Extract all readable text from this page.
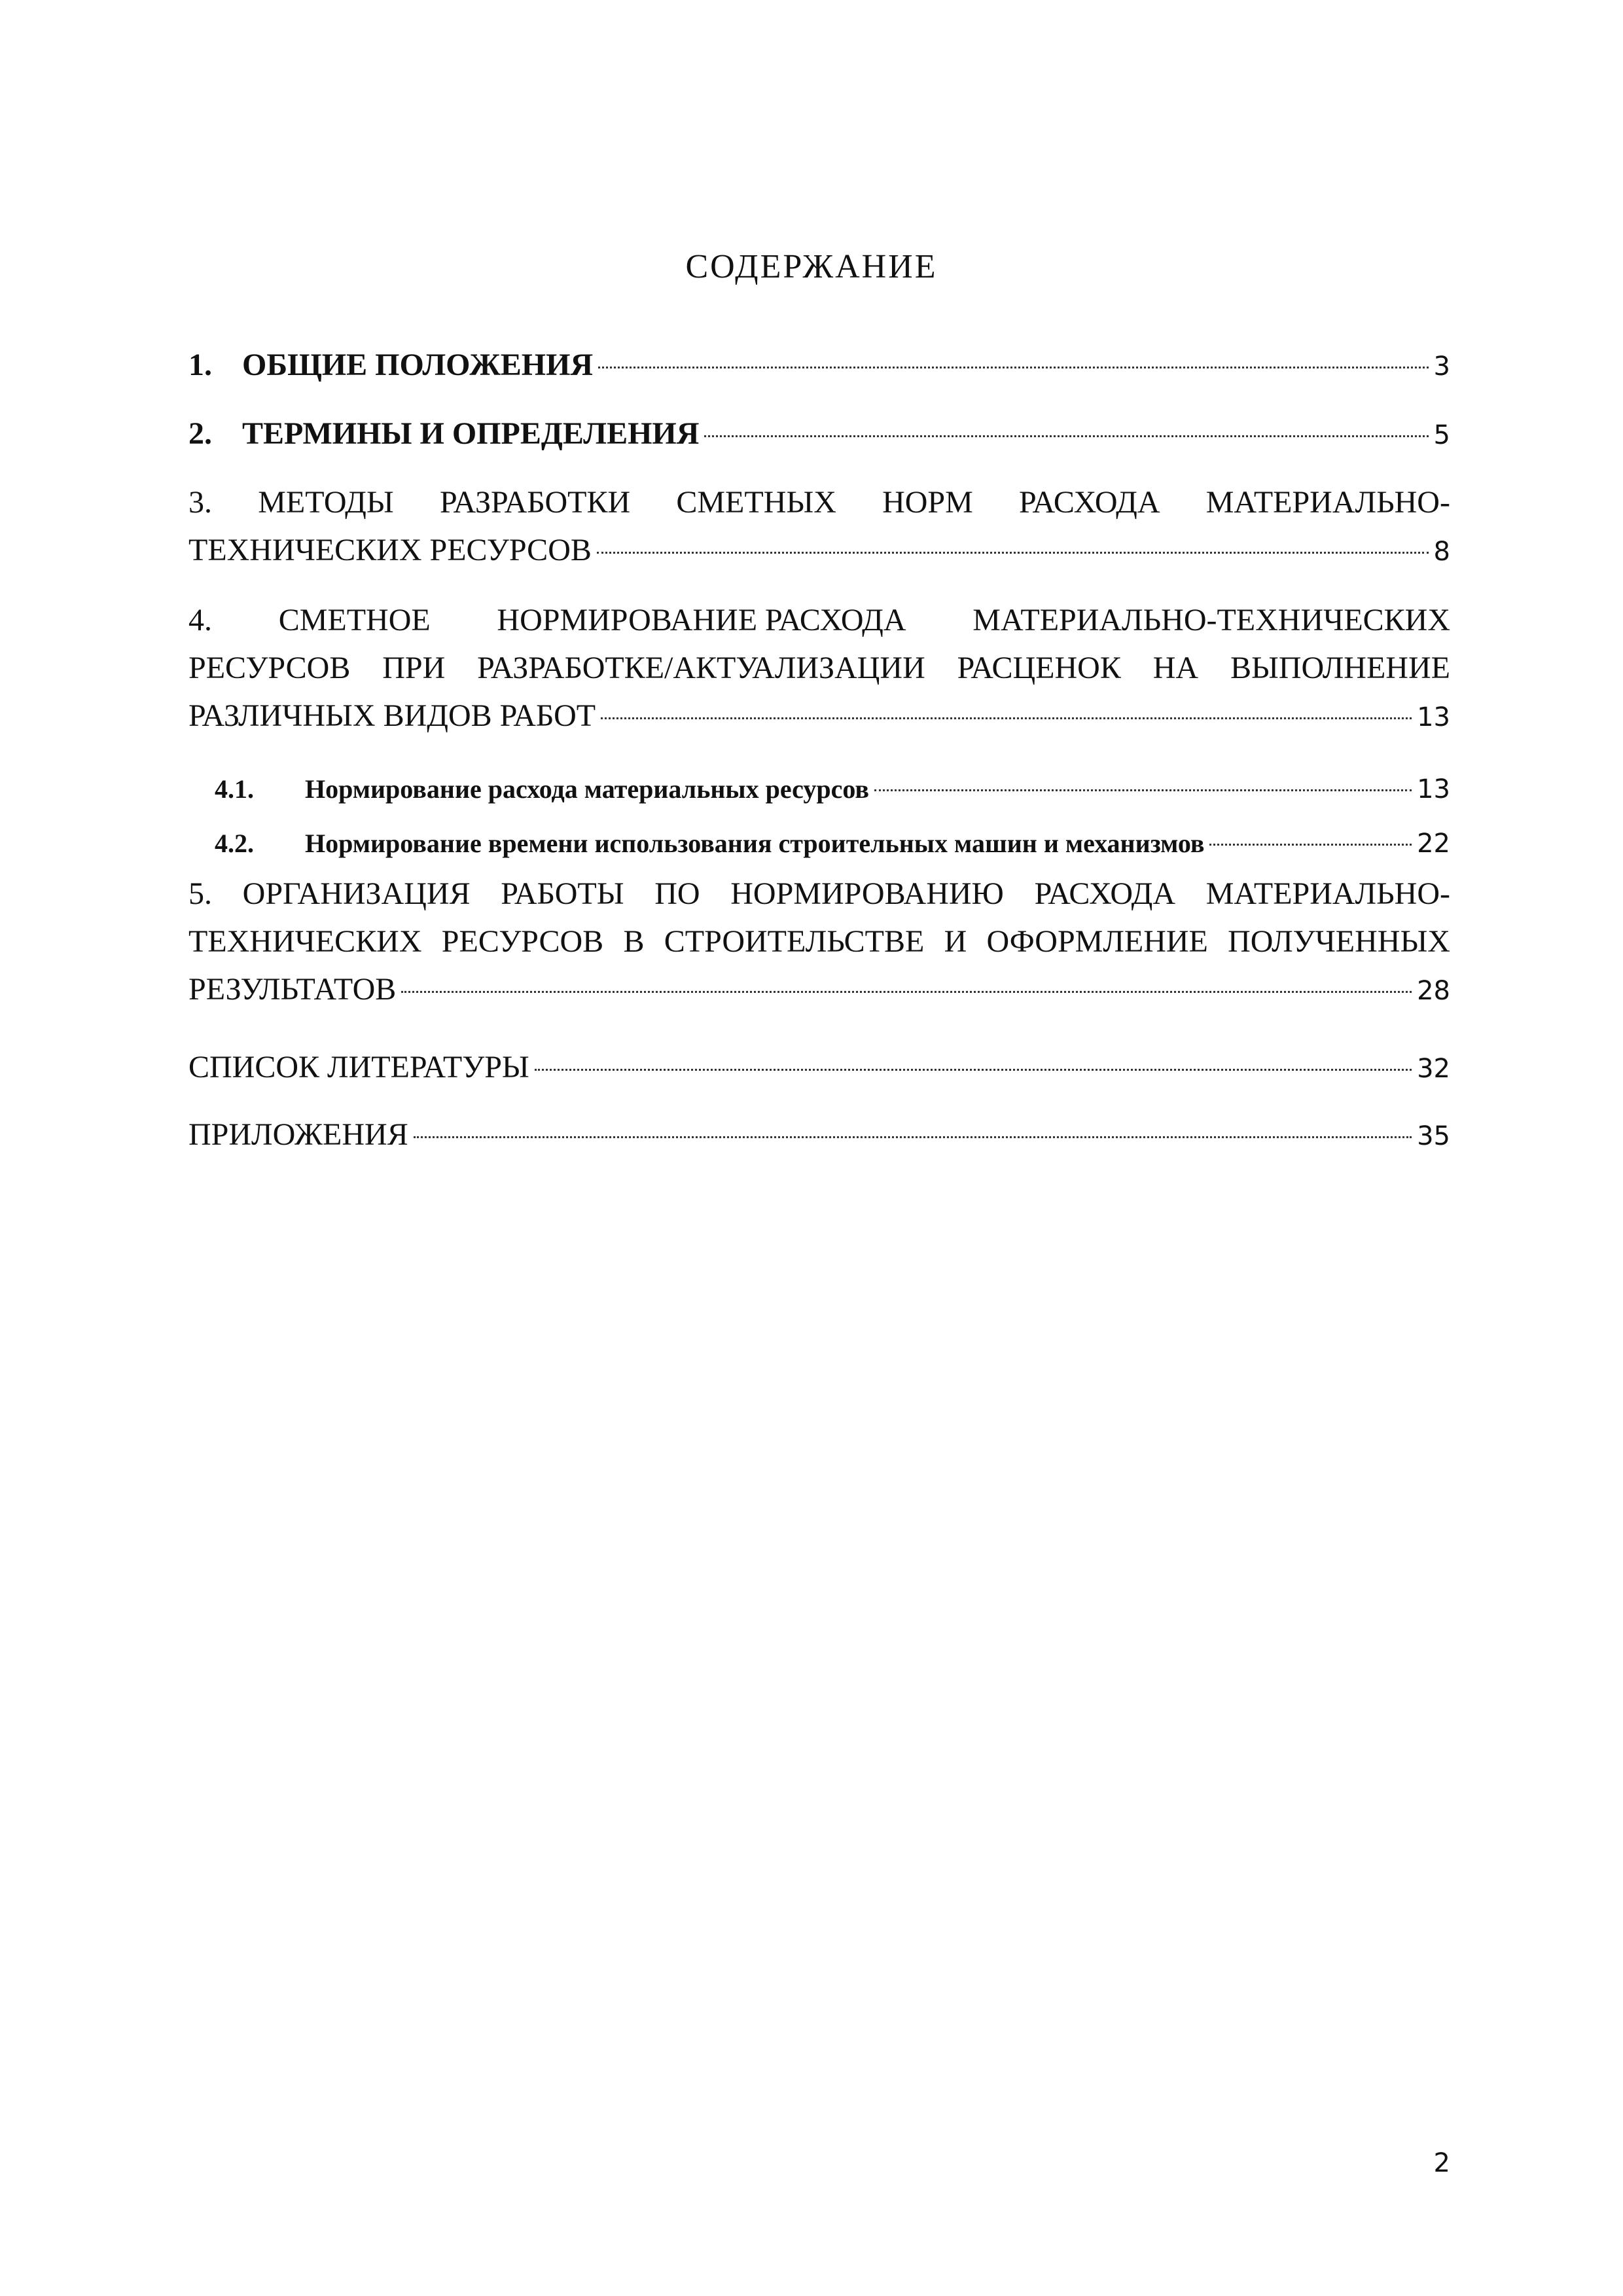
СОДЕРЖАНИЕ
1. ОБЩИЕ ПОЛОЖЕНИЯ	3
2. ТЕРМИНЫ И ОПРЕДЕЛЕНИЯ	5
3. МЕТОДЫ РАЗРАБОТКИ СМЕТНЫХ НОРМ РАСХОДА МАТЕРИАЛЬНО-
ТЕХНИЧЕСКИХ РЕСУРСОВ	8
4. СМЕТНОЕ НОРМИРОВАНИЕ РАСХОДА МАТЕРИАЛЬНО-ТЕХНИЧЕСКИХ
РЕСУРСОВ ПРИ РАЗРАБОТКЕ/АКТУАЛИЗАЦИИ РАСЦЕНОК НА ВЫПОЛНЕНИЕ
РАЗЛИЧНЫХ ВИДОВ РАБОТ	13
4.1.	Нормирование расхода материальных ресурсов	13
4.2.	Нормирование времени использования строительных машин и механизмов	22
5. ОРГАНИЗАЦИЯ РАБОТЫ ПО НОРМИРОВАНИЮ РАСХОДА МАТЕРИАЛЬНО-
ТЕХНИЧЕСКИХ РЕСУРСОВ В СТРОИТЕЛЬСТВЕ И ОФОРМЛЕНИЕ ПОЛУЧЕННЫХ
РЕЗУЛЬТАТОВ	28
СПИСОК ЛИТЕРАТУРЫ	32
ПРИЛОЖЕНИЯ	35
2
